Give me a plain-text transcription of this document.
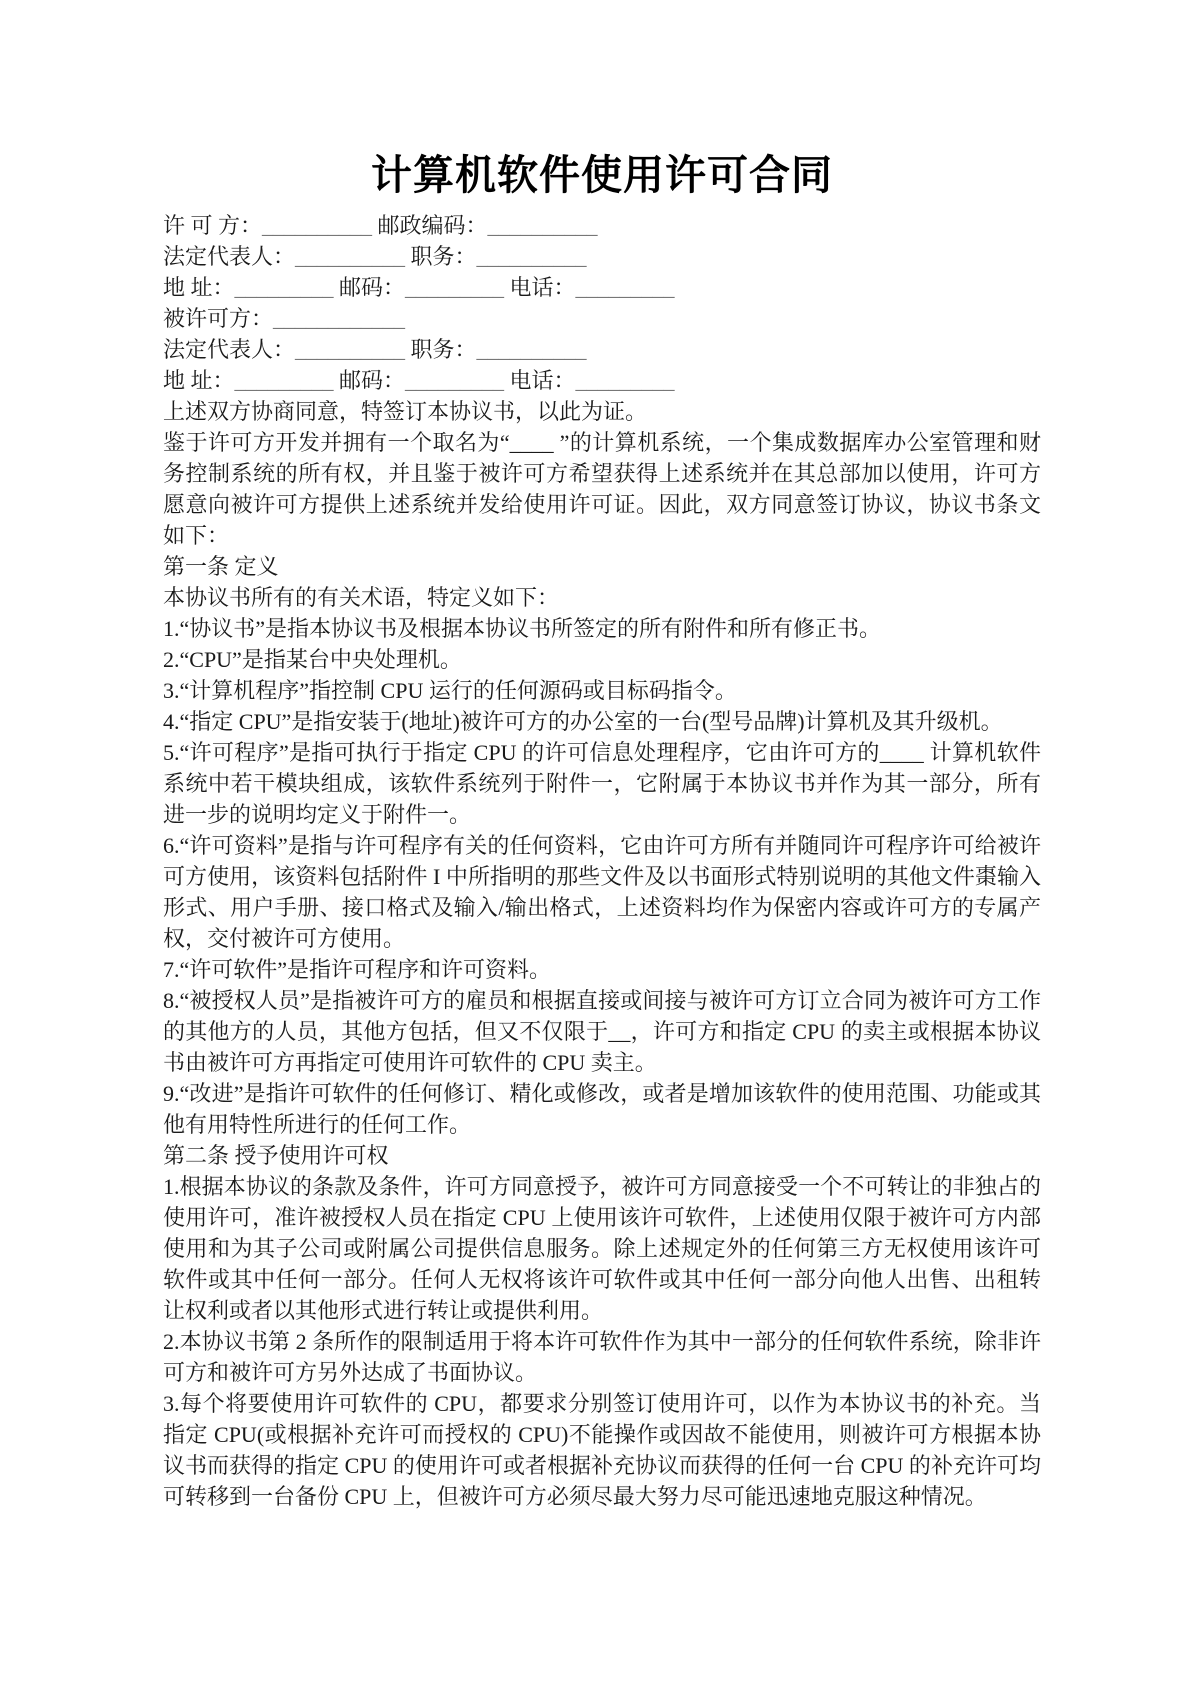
计算机软件使用许可合同

许 可 方：__________ 邮政编码：__________

法定代表人：__________ 职务：__________

地 址：_________ 邮码：_________ 电话：_________

被许可方：____________

法定代表人：__________ 职务：__________

地 址：_________ 邮码：_________ 电话：_________

上述双方协商同意，特签订本协议书，以此为证。

鉴于许可方开发并拥有一个取名为“____ ”的计算机系统，一个集成数据库办公室管理和财务控制系统的所有权，并且鉴于被许可方希望获得上述系统并在其总部加以使用，许可方愿意向被许可方提供上述系统并发给使用许可证。因此，双方同意签订协议，协议书条文如下：

第一条 定义

本协议书所有的有关术语，特定义如下：

1.“协议书”是指本协议书及根据本协议书所签定的所有附件和所有修正书。

2.“CPU”是指某台中央处理机。

3.“计算机程序”指控制 CPU 运行的任何源码或目标码指令。

4.“指定 CPU”是指安装于(地址)被许可方的办公室的一台(型号品牌)计算机及其升级机。

5.“许可程序”是指可执行于指定 CPU 的许可信息处理程序，它由许可方的____ 计算机软件系统中若干模块组成，该软件系统列于附件一，它附属于本协议书并作为其一部分，所有进一步的说明均定义于附件一。

6.“许可资料”是指与许可程序有关的任何资料，它由许可方所有并随同许可程序许可给被许可方使用，该资料包括附件 I 中所指明的那些文件及以书面形式特别说明的其他文件棗输入形式、用户手册、接口格式及输入/输出格式，上述资料均作为保密内容或许可方的专属产权，交付被许可方使用。

7.“许可软件”是指许可程序和许可资料。

8.“被授权人员”是指被许可方的雇员和根据直接或间接与被许可方订立合同为被许可方工作的其他方的人员，其他方包括，但又不仅限于__，许可方和指定 CPU 的卖主或根据本协议书由被许可方再指定可使用许可软件的 CPU 卖主。

9.“改进”是指许可软件的任何修订、精化或修改，或者是增加该软件的使用范围、功能或其他有用特性所进行的任何工作。

第二条 授予使用许可权

1.根据本协议的条款及条件，许可方同意授予，被许可方同意接受一个不可转让的非独占的使用许可，准许被授权人员在指定 CPU 上使用该许可软件，上述使用仅限于被许可方内部使用和为其子公司或附属公司提供信息服务。除上述规定外的任何第三方无权使用该许可软件或其中任何一部分。任何人无权将该许可软件或其中任何一部分向他人出售、出租转让权利或者以其他形式进行转让或提供利用。

2.本协议书第 2 条所作的限制适用于将本许可软件作为其中一部分的任何软件系统，除非许可方和被许可方另外达成了书面协议。

3.每个将要使用许可软件的 CPU，都要求分别签订使用许可，以作为本协议书的补充。当指定 CPU(或根据补充许可而授权的 CPU)不能操作或因故不能使用，则被许可方根据本协议书而获得的指定 CPU 的使用许可或者根据补充协议而获得的任何一台 CPU 的补充许可均可转移到一台备份 CPU 上，但被许可方必须尽最大努力尽可能迅速地克服这种情况。
